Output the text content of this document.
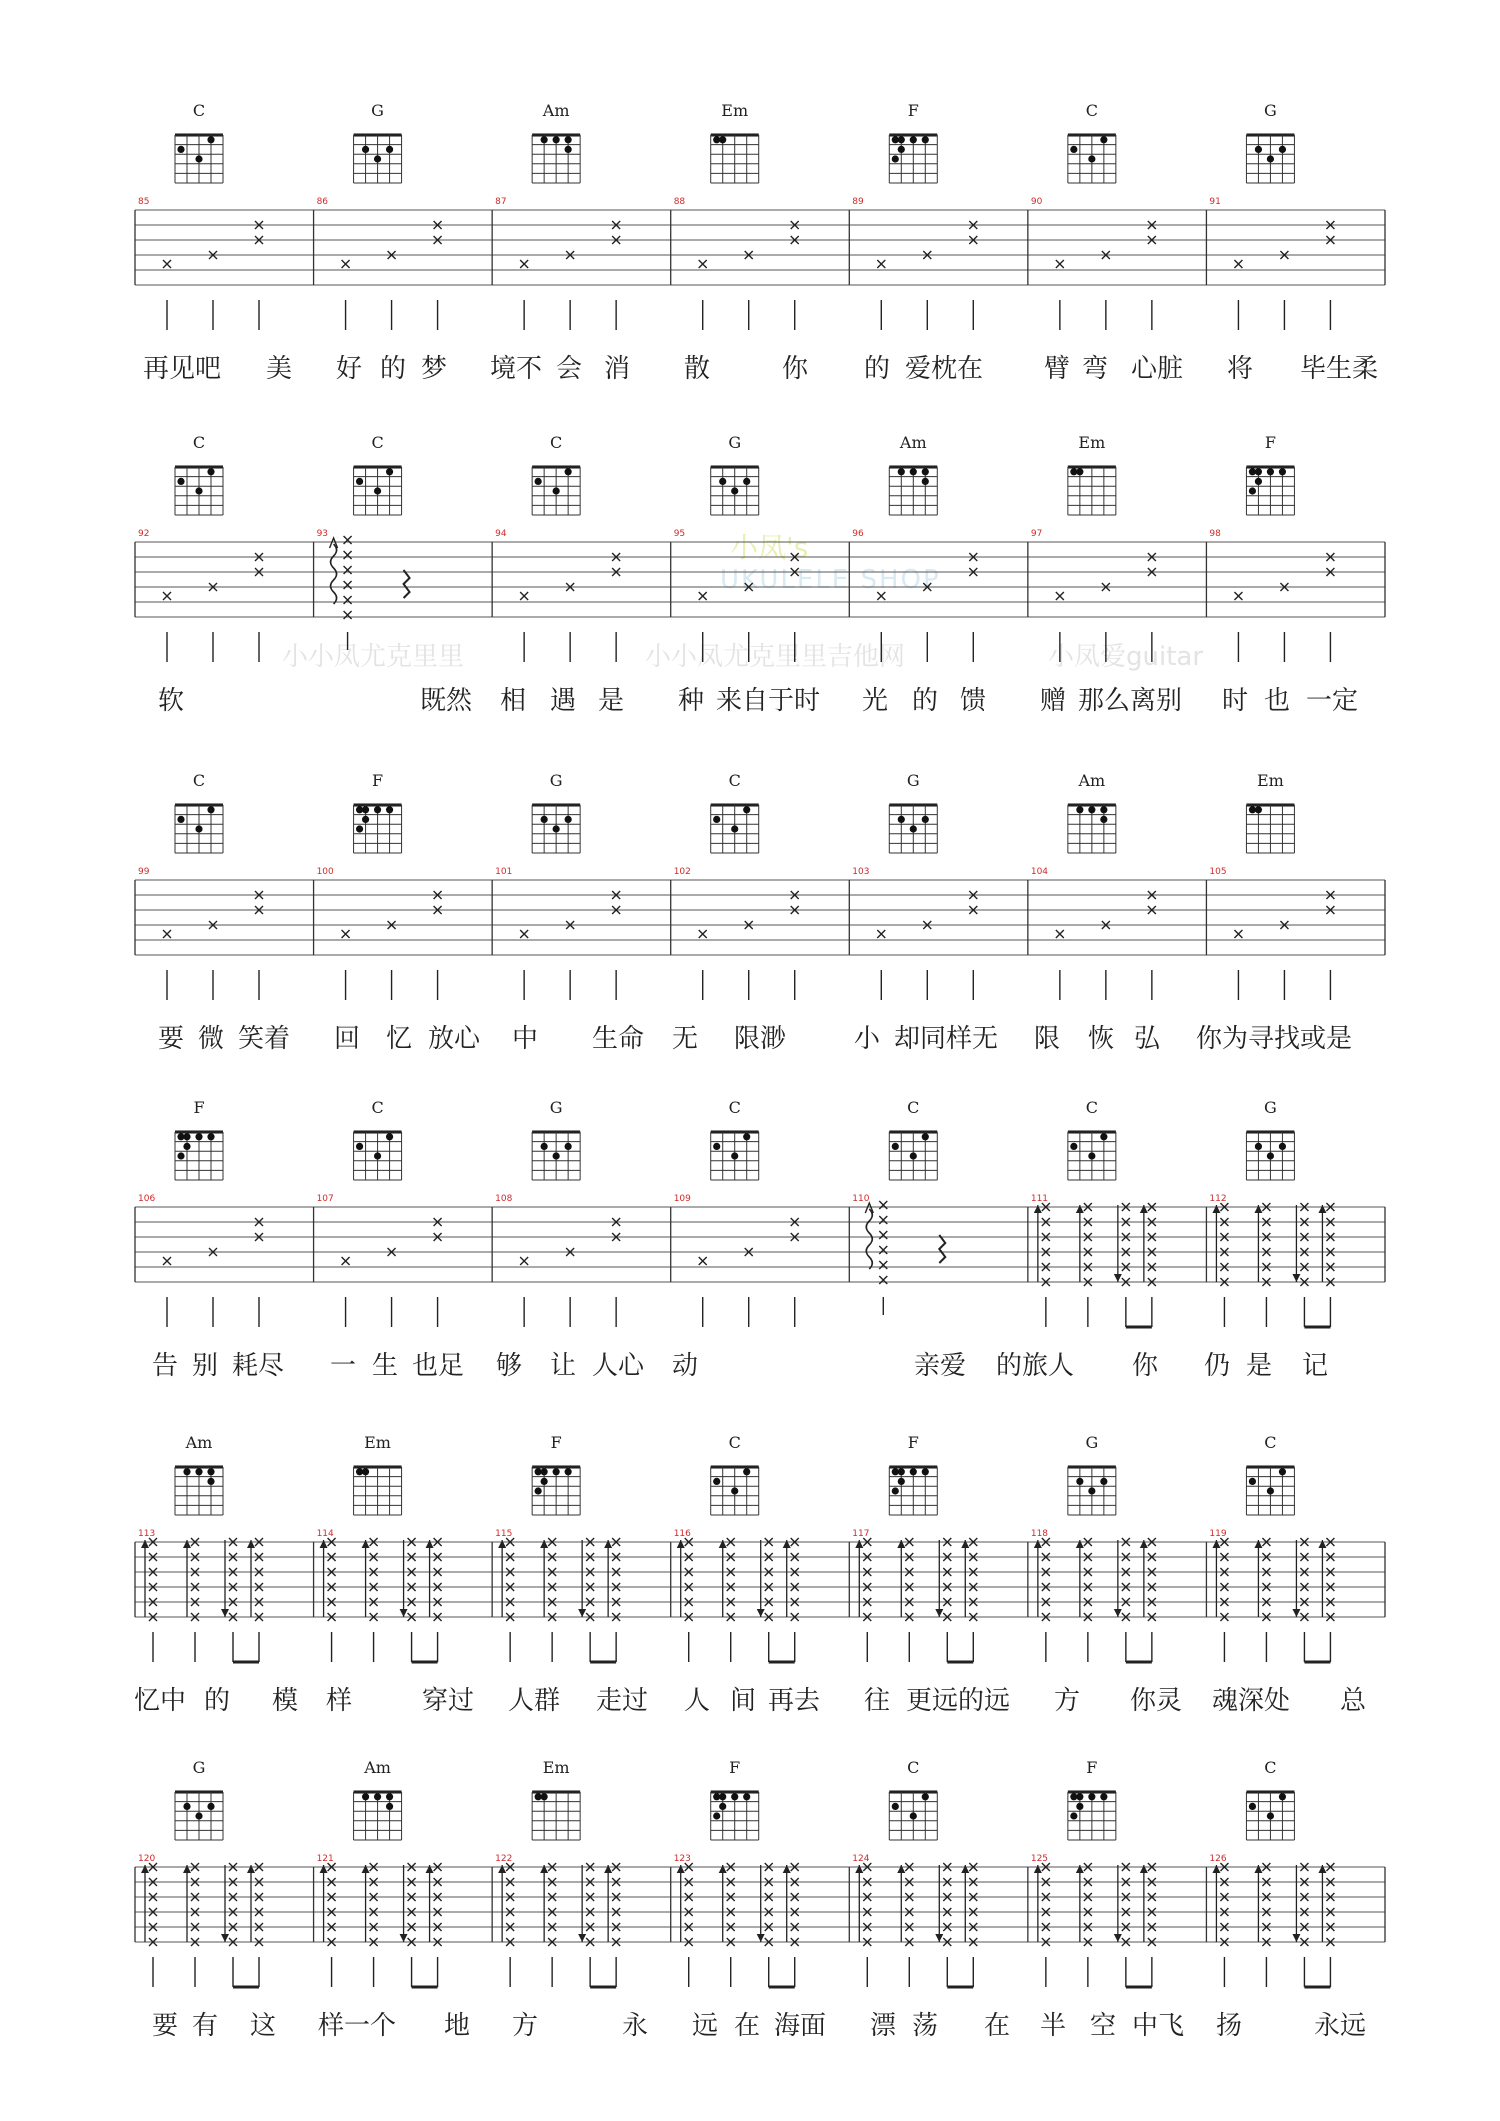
小小凤尤克里里	小小凤尤克里里吉他网	小凤爱guitar
小凤's
UKULELE SHOP
C	G	Am	Em	F	C	G
85	86	87	88	89	90	91
再见吧 美 好 的 梦 境不 会 消 散	你 的 爱枕在 臂 弯 心脏 将 毕生柔
C	C	C	G	Am	Em	F
92	93	94	95	96	97	98
软	既然 相 遇 是 种 来自于时 光 的 馈 赠 那么离别 时 也 一定
C	F	G	C	G	Am	Em
99	100	101	102	103	104	105
要 微 笑着 回 忆 放心 中 生命 无 限渺	小 却同样无 限 恢 弘 你为寻找或是
F	C	G	C	C	C	G
106	107	108	109	110	111	112
告 别 耗尽 一 生 也足 够 让 人心 动	亲爱 的旅人 你 仍 是 记
Am	Em	F	C	F	G	C
113	114	115	116	117	118	119
忆中 的 模 样	穿过 人群 走过 人 间 再去 往 更远的远 方 你灵 魂深处 总
G	Am	Em	F	C	F	C
120	121	122	123	124	125	126
要 有 这 样一个 地 方	永 远 在 海面 漂 荡 在 半 空 中飞 扬	永远
